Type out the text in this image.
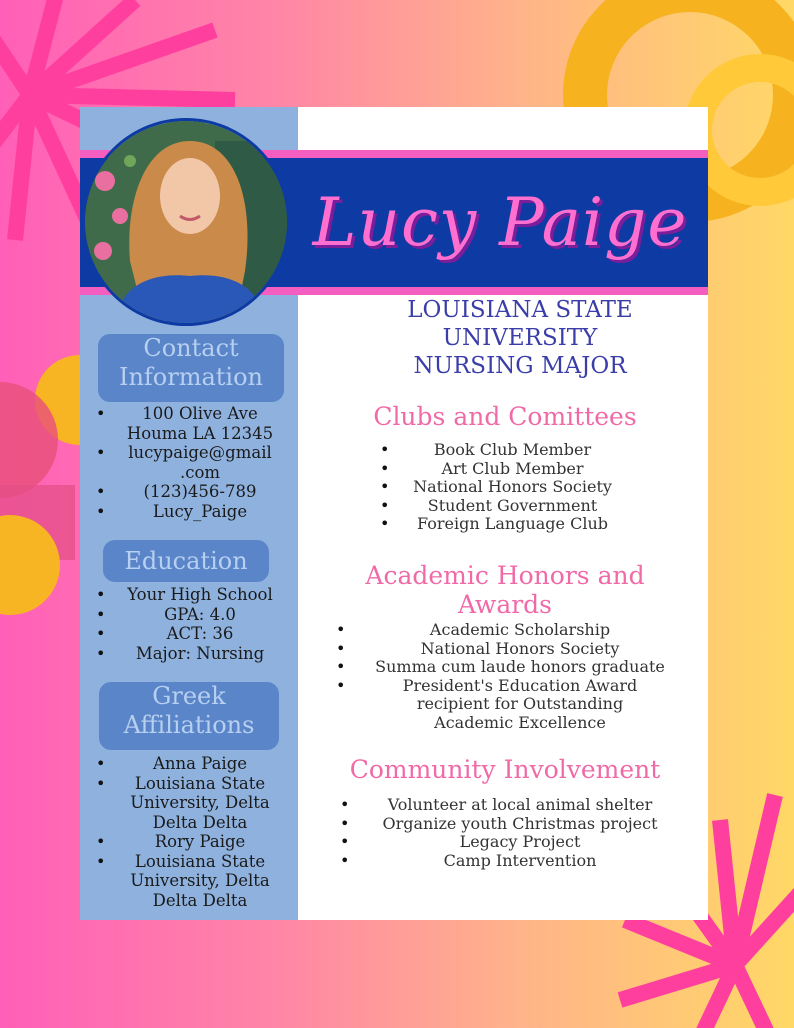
Lucy Paige
Contact
Information
• 100 Olive Ave
Houma LA 12345
• lucypaige@gmail
.com
• (123)456-789
• Lucy_Paige
Education
• Your High School
• GPA: 4.0
• ACT: 36
• Major: Nursing
Greek
Affiliations
• Anna Paige
• Louisiana State
University, Delta
Delta Delta
• Rory Paige
• Louisiana State
University, Delta
Delta Delta
LOUISIANA STATE
UNIVERSITY
NURSING MAJOR
Clubs and Comittees
• Book Club Member
• Art Club Member
• National Honors Society
• Student Government
• Foreign Language Club
Academic Honors and
Awards
• Academic Scholarship
• National Honors Society
• Summa cum laude honors graduate
• President's Education Award
recipient for Outstanding
Academic Excellence
Community Involvement
• Volunteer at local animal shelter
• Organize youth Christmas project
• Legacy Project
• Camp Intervention
